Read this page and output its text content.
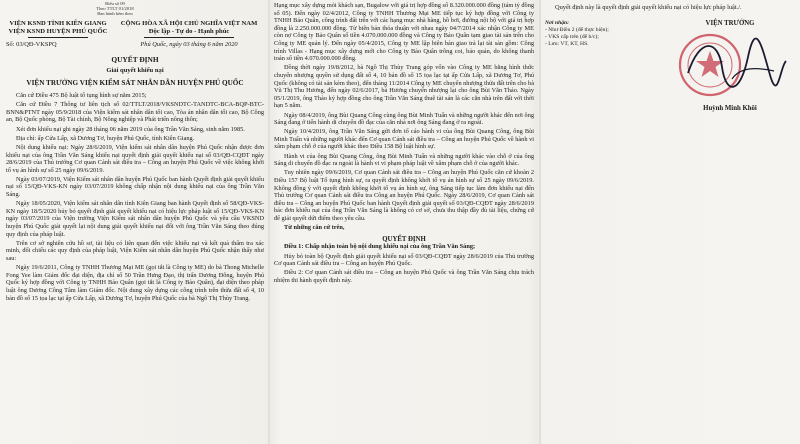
Biểu số 09
Theo TTLT 01/2018
Ban hành kèm theo
VIỆN KSND TỈNH KIÊN GIANG
VIỆN KSND HUYỆN PHÚ QUỐC
CỘNG HÒA XÃ HỘI CHỦ NGHĨA VIỆT NAM
Độc lập - Tự do - Hạnh phúc
Số: 03/QĐ-VKSPQ	Phú Quốc, ngày 03 tháng 6 năm 2020
QUYẾT ĐỊNH
Giải quyết khiếu nại
VIỆN TRƯỞNG VIỆN KIỂM SÁT NHÂN DÂN HUYỆN PHÚ QUỐC

Căn cứ Điều 475 Bộ luật tố tụng hình sự năm 2015;

Căn cứ Điều 7 Thông tư liên tịch số 02/TTLT/2018/VKSNDTC-TANDTC-BCA-BQP-BTC-BNN&PTNT ngày 05/9/2018 của Viện kiểm sát nhân dân tối cao, Tòa án nhân dân tối cao, Bộ Công an, Bộ Quốc phòng, Bộ Tài chính, Bộ Nông nghiệp và Phát triển nông thôn;

Xét đơn khiếu nại ghi ngày 28 tháng 06 năm 2019 của ông Trần Văn Sáng, sinh năm 1985.

Địa chỉ: ấp Cửa Lấp, xã Dương Tơ, huyện Phú Quốc, tỉnh Kiên Giang.

Nội dung khiếu nại: Ngày 28/6/2019, Viện kiểm sát nhân dân huyện Phú Quốc nhận được đơn khiếu nại của ông Trần Văn Sáng khiếu nại quyết định giải quyết khiếu nại số 03/QĐ-CQĐT ngày 28/6/2019 của Thủ trưởng Cơ quan Cảnh sát điều tra – Công an huyện Phú Quốc về việc không khởi tố vụ án hình sự số 25 ngày 09/6/2019.

Ngày 03/07/2019, Viện Kiểm sát nhân dân huyện Phú Quốc ban hành Quyết định giải quyết khiếu nại số 15/QĐ-VKS-KN ngày 03/07/2019 không chấp nhận nội dung khiếu nại của ông Trần Văn Sáng.

Ngày 18/05/2020, Viện kiểm sát nhân dân tỉnh Kiên Giang ban hành Quyết định số 58/QĐ-VKS-KN ngày 18/5/2020 hủy bỏ quyết định giải quyết khiếu nại có hiệu lực pháp luật số 15/QĐ-VKS-KN ngày 03/07/2019 của Viện trưởng Viện Kiểm sát nhân dân huyện Phú Quốc và yêu cầu VKSND huyện Phú Quốc giải quyết lại nội dung giải quyết khiếu nại đối với ông Trần Văn Sáng theo đúng quy định của pháp luật.

Trên cơ sở nghiên cứu hồ sơ, tài liệu có liên quan đến việc khiếu nại và kết quả thẩm tra xác minh, đối chiếu các quy định của pháp luật, Viện Kiểm sát nhân dân huyện Phú Quốc nhận thấy như sau:

Ngày 19/6/2011, Công ty TNHH Thương Mại ME (gọi tắt là Công ty ME) do bà Thong Michelle Fong Yee làm Giám đốc đại diện, địa chỉ số 50 Trần Hưng Đạo, thị trấn Dương Đông, huyện Phú Quốc ký hợp đồng với Công ty TNHH Bảo Quân (gọi tắt là Công ty Bảo Quân), đại diện theo pháp luật ông Dương Công Tâm làm Giám đốc. Nội dung xây dựng các công trình trên thửa đất số 4, 10 bản đồ số 15 tọa lạc tại ấp Cửa Lấp, xã Dương Tơ, huyện Phú Quốc của bà Ngô Thị Thùy Trang.

Hạng mục xây dựng mỏi khách sạn, Bugalow với giá trị hợp đồng số 8.320.000.000 đồng (tám tỷ đồng số 05). Đến ngày 02/4/2012, Công ty TNHH Thương Mại ME tiếp tục ký hợp đồng với Công ty TNHH Bảo Quân, công trình đất trên với các hạng mục nhà hàng, hồ bơi, đường nội bộ với giá trị hợp đồng là 2.250.000.000 đồng. Từ biên bản thỏa thuận với nhau ngày 04/7/2014 xác nhận Công ty ME còn nợ Công ty Bảo Quân số tiền 4.070.000.000 đồng và Công ty Bảo Quân tạm giao tài sản trên cho Công ty ME quản lý. Đến ngày 05/4/2015, Công ty ME lập biên bản giao trả lại tài sản gồm: Công trình Villas - Hạng mục xây dựng mới cho Công ty Bảo Quân trông coi, bảo quản, do không thanh toán số tiền 4.070.000.000 đồng.

Đồng thời ngày 19/8/2012, bà Ngô Thị Thùy Trang góp vốn vào Công ty ME bằng hình thức chuyển nhượng quyền sử dụng đất số 4, 10 bản đồ số 15 tọa lạc tại ấp Cửa Lấp, xã Dương Tơ, Phú Quốc (không có tài sản kèm theo), đến tháng 11/2014 Công ty ME chuyển nhượng thửa đất trên cho bà Vũ Thị Thu Hương, đến ngày 02/6/2017, bà Hương chuyển nhượng lại cho ông Bùi Văn Thảo. Ngày 05/1/2019, ông Thảo ký hợp đồng cho ông Trần Văn Sáng thuê tài sản là các căn nhà trên đất với thời hạn 5 năm.

Ngày 08/4/2019, ông Bùi Quang Công cùng ông Bùi Minh Tuấn và những người khác đến nơi ông Sáng đang ở tiến hành di chuyển đồ đạc của căn nhà nơi ông Sáng đang ở ra ngoài.

Ngày 10/4/2019, ông Trần Văn Sáng gửi đơn tố cáo hành vi của ông Bùi Quang Công, ông Bùi Minh Tuấn và những người khác đến Cơ quan Cảnh sát điều tra – Công an huyện Phú Quốc về hành vi xâm phạm chỗ ở của người khác theo Điều 158 Bộ luật hình sự.

Hành vi của ông Bùi Quang Công, ông Bùi Minh Tuấn và những người khác vào chỗ ở của ông Sáng di chuyển đồ đạc ra ngoài là hành vi vi phạm pháp luật về xâm phạm chỗ ở của người khác.

Tuy nhiên ngày 09/6/2019, Cơ quan Cảnh sát điều tra – Công an huyện Phú Quốc căn cứ khoản 2 Điều 157 Bộ luật Tố tụng hình sự, ra quyết định không khởi tố vụ án hình sự số 25 ngày 09/6/2019. Không đồng ý với quyết định không khởi tố vụ án hình sự, ông Sáng tiếp tục làm đơn khiếu nại đến Thủ trưởng Cơ quan Cảnh sát điều tra Công an huyện Phú Quốc. Ngày 28/6/2019, Cơ quan Cảnh sát điều tra – Công an huyện Phú Quốc ban hành Quyết định giải quyết số 03/QĐ-CQĐT ngày 28/6/2019 bác đơn khiếu nại của ông Trần Văn Sáng là không có cơ sở, chưa thu thập đầy đủ tài liệu, chứng cứ để giải quyết dứt điểm theo yêu cầu.

Từ những căn cứ trên,

QUYẾT ĐỊNH

Điều 1: Chấp nhận toàn bộ nội dung khiếu nại của ông Trần Văn Sáng;

Hủy bỏ toàn bộ Quyết định giải quyết khiếu nại số 03/QĐ-CQĐT ngày 28/6/2019 của Thủ trưởng Cơ quan Cảnh sát điều tra – Công an huyện Phú Quốc.

Điều 2: Cơ quan Cảnh sát điều tra – Công an huyện Phú Quốc và ông Trần Văn Sáng chịu trách nhiệm thi hành quyết định này.

Quyết định này là quyết định giải quyết khiếu nại có hiệu lực pháp luật./.

Nơi nhận:
- Như Điều 2 (để thực hiện);
- VKS cấp trên (để b/c);
- Lưu: VT, KT, HS.
VIỆN TRƯỞNG
Huỳnh Minh Khôi
